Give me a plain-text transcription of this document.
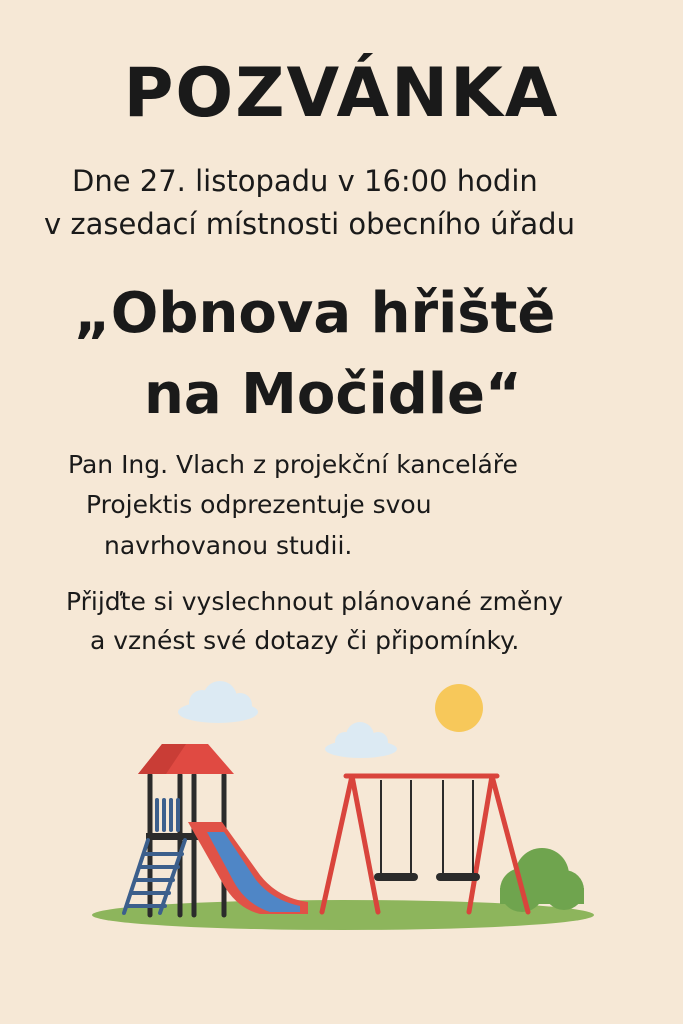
POZVÁNKA

Dne 27. listopadu v 16:00 hodin

v zasedací místnosti obecního úřadu

„Obnova hřiště
na Močidle“

Pan Ing. Vlach z projekční kanceláře

Projektis odprezentuje svou

navrhovanou studii.

Přijďte si vyslechnout plánované změny

a vznést své dotazy či připomínky.
